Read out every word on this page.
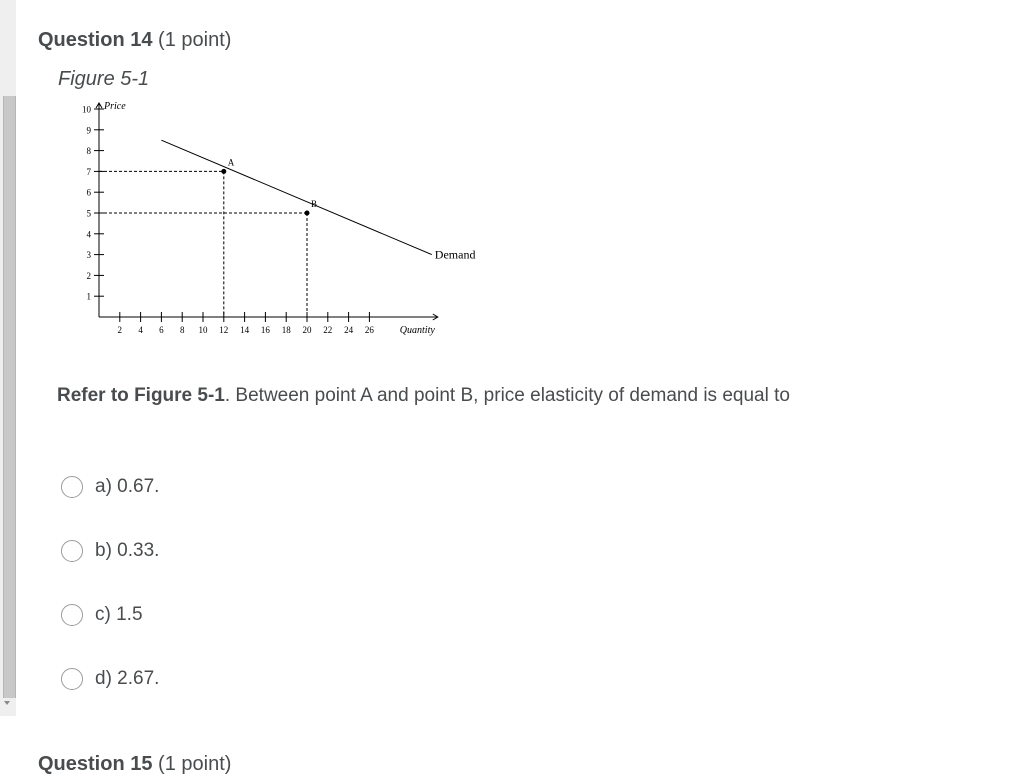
Question 14 (1 point)
Figure 5-1
1
2
3
4
5
6
7
8
9
10
2 4 6 8 10 12 14 16 18 20 22 24 26
Price
Quantity
Demand
A
B
Refer to Figure 5-1. Between point A and point B, price elasticity of demand is equal to
a) 0.67.
b) 0.33.
c) 1.5
d) 2.67.
Question 15 (1 point)
